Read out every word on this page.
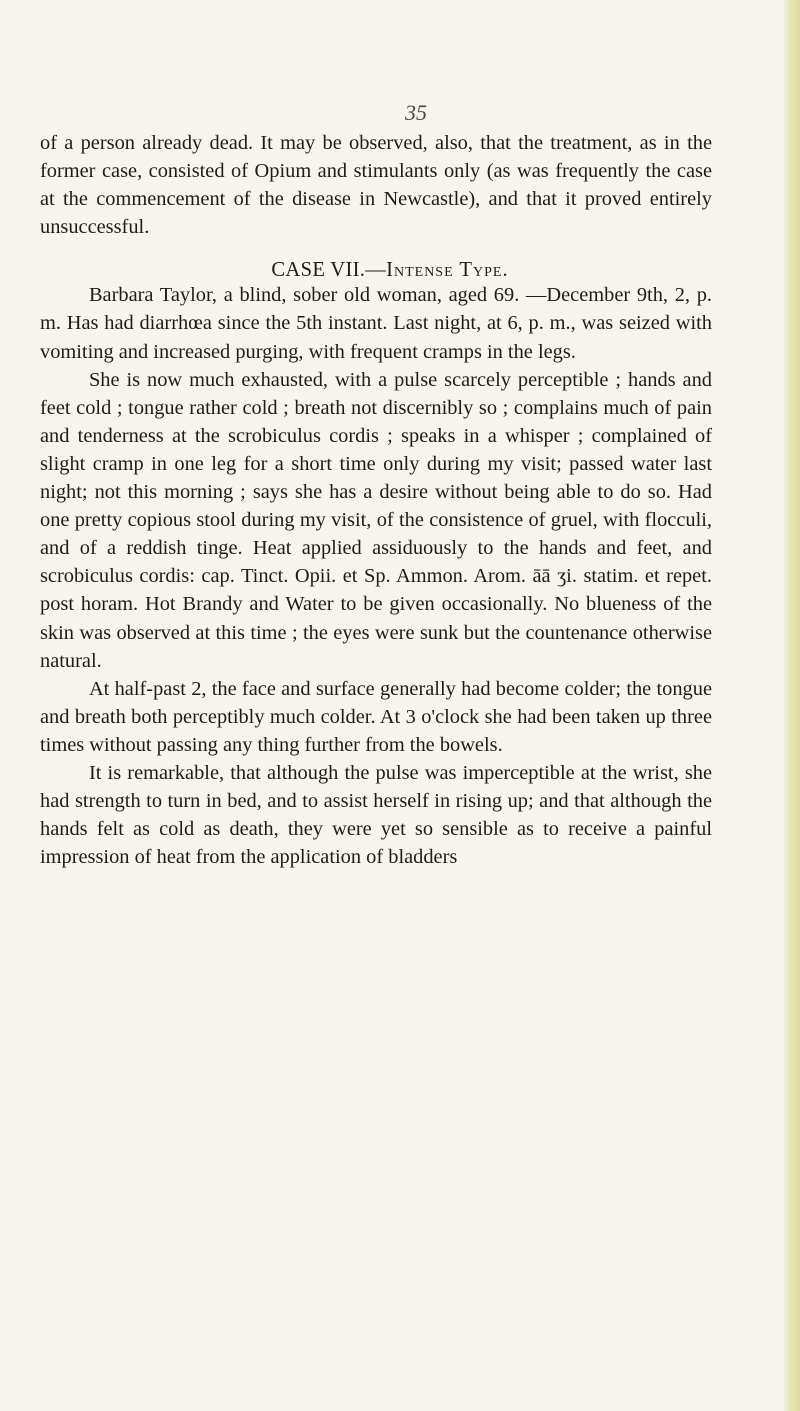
35

of a person already dead. It may be observed, also, that the treatment, as in the former case, consisted of Opium and stimulants only (as was frequently the case at the commencement of the disease in Newcastle), and that it proved entirely unsuccessful.

CASE VII.—Intense Type.

Barbara Taylor, a blind, sober old woman, aged 69. —December 9th, 2, p. m. Has had diarrhœa since the 5th instant. Last night, at 6, p. m., was seized with vomiting and increased purging, with frequent cramps in the legs.

She is now much exhausted, with a pulse scarcely perceptible ; hands and feet cold ; tongue rather cold ; breath not discernibly so ; complains much of pain and tenderness at the scrobiculus cordis ; speaks in a whisper ; complained of slight cramp in one leg for a short time only during my visit; passed water last night; not this morning ; says she has a desire without being able to do so. Had one pretty copious stool during my visit, of the consistence of gruel, with flocculi, and of a reddish tinge. Heat applied assiduously to the hands and feet, and scrobiculus cordis: cap. Tinct. Opii. et Sp. Ammon. Arom. āā ʒi. statim. et repet. post horam. Hot Brandy and Water to be given occasionally. No blueness of the skin was observed at this time ; the eyes were sunk but the countenance otherwise natural.

At half-past 2, the face and surface generally had become colder; the tongue and breath both perceptibly much colder. At 3 o'clock she had been taken up three times without passing any thing further from the bowels.

It is remarkable, that although the pulse was imperceptible at the wrist, she had strength to turn in bed, and to assist herself in rising up; and that although the hands felt as cold as death, they were yet so sensible as to receive a painful impression of heat from the application of bladders
